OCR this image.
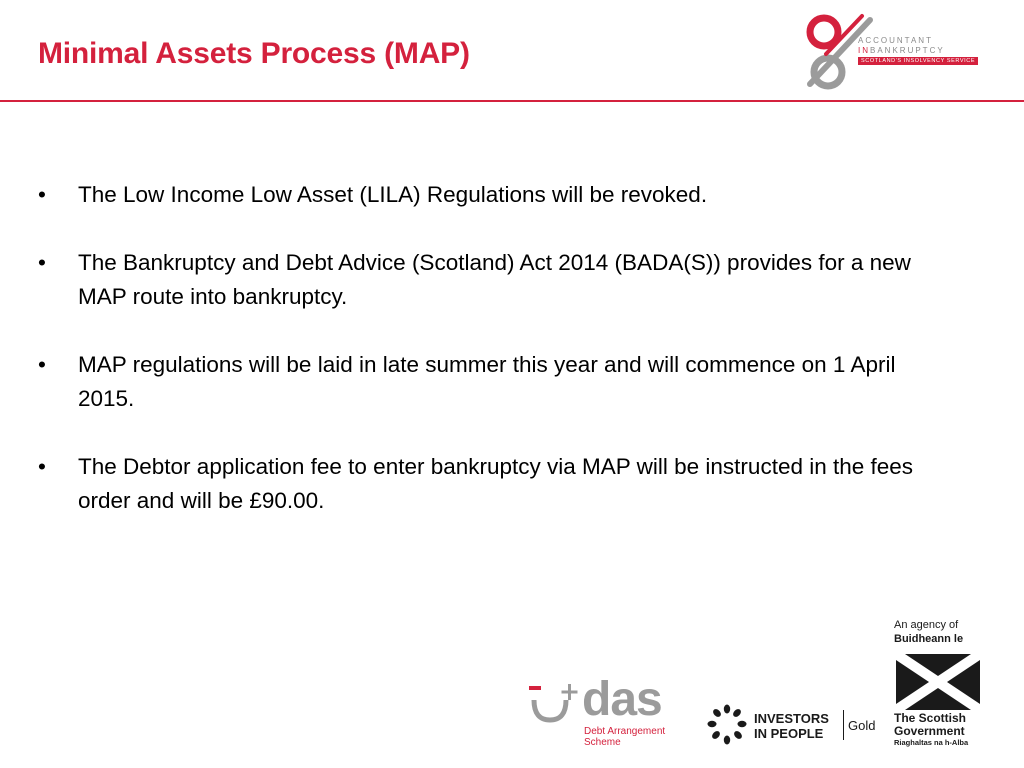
Minimal Assets Process (MAP)	ACCOUNTANT
INBANKRUPTCY
SCOTLAND'S INSOLVENCY SERVICE
• The Low Income Low Asset (LILA) Regulations will be revoked.
• The Bankruptcy and Debt Advice (Scotland) Act 2014 (BADA(S)) provides for a new MAP route into bankruptcy.
• MAP regulations will be laid in late summer this year and will commence on 1 April 2015.
• The Debtor application fee to enter bankruptcy via MAP will be instructed in the fees order and will be £90.00.
das
Debt Arrangement
Scheme
INVESTORS
IN PEOPLE
Gold
An agency of
Buidheann le
The Scottish
Government
Riaghaltas na h-Alba
